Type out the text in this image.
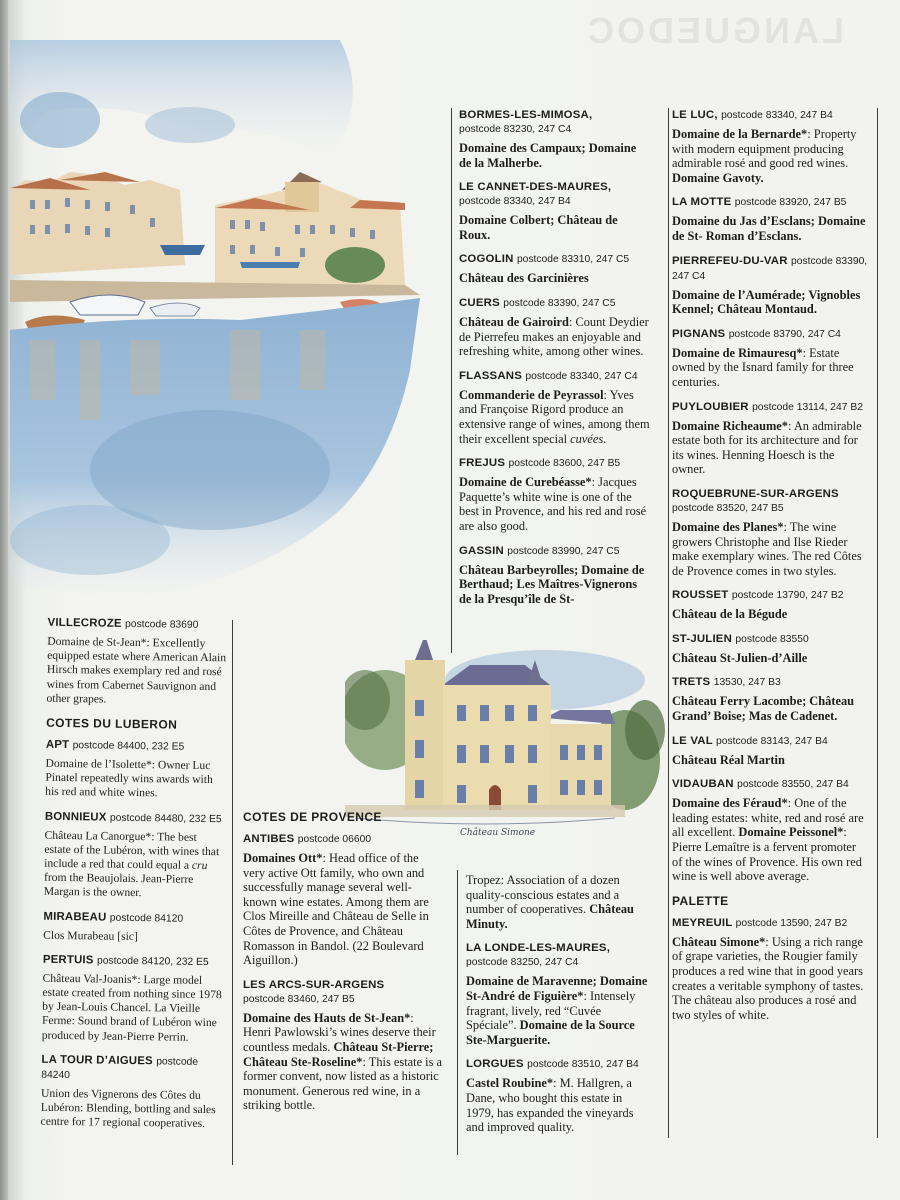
LANGUEDOC
Château Simone
VILLECROZE postcode 83690
Domaine de St-Jean*: Excellently equipped estate where American Alain Hirsch makes exemplary red and rosé wines from Cabernet Sauvignon and other grapes.
COTES DU LUBERON
APT postcode 84400, 232 E5
Domaine de l’Isolette*: Owner Luc Pinatel repeatedly wins awards with his red and white wines.
BONNIEUX postcode 84480, 232 E5
Château La Canorgue*: The best estate of the Lubéron, with wines that include a red that could equal a cru from the Beaujolais. Jean-Pierre Margan is the owner.
MIRABEAU postcode 84120
Clos Murabeau [sic]
PERTUIS postcode 84120, 232 E5
Château Val-Joanis*: Large model estate created from nothing since 1978 by Jean-Louis Chancel. La Vieille Ferme: Sound brand of Lubéron wine produced by Jean-Pierre Perrin.
LA TOUR D’AIGUES postcode 84240
Union des Vignerons des Côtes du Lubéron: Blending, bottling and sales centre for 17 regional cooperatives.
COTES DE PROVENCE
ANTIBES postcode 06600
Domaines Ott*: Head office of the very active Ott family, who own and successfully manage several well-known wine estates. Among them are Clos Mireille and Château de Selle in Côtes de Provence, and Château Romasson in Bandol. (22 Boulevard Aiguillon.)
LES ARCS-SUR-ARGENS
postcode 83460, 247 B5
Domaine des Hauts de St-Jean*: Henri Pawlowski’s wines deserve their countless medals. Château St-Pierre; Château Ste-Roseline*: This estate is a former convent, now listed as a historic monument. Generous red wine, in a striking bottle.
BORMES-LES-MIMOSA,
postcode 83230, 247 C4
Domaine des Campaux; Domaine de la Malherbe.
LE CANNET-DES-MAURES,
postcode 83340, 247 B4
Domaine Colbert; Château de Roux.
COGOLIN postcode 83310, 247 C5
Château des Garcinières
CUERS postcode 83390, 247 C5
Château de Gairoird: Count Deydier de Pierrefeu makes an enjoyable and refreshing white, among other wines.
FLASSANS postcode 83340, 247 C4
Commanderie de Peyrassol: Yves and Françoise Rigord produce an extensive range of wines, among them their excellent special cuvées.
FREJUS postcode 83600, 247 B5
Domaine de Curebéasse*: Jacques Paquette’s white wine is one of the best in Provence, and his red and rosé are also good.
GASSIN postcode 83990, 247 C5
Château Barbeyrolles; Domaine de Berthaud; Les Maîtres-Vignerons de la Presqu’île de St-
Tropez: Association of a dozen quality-conscious estates and a number of cooperatives. Château Minuty.
LA LONDE-LES-MAURES,
postcode 83250, 247 C4
Domaine de Maravenne; Domaine St-André de Figuière*: Intensely fragrant, lively, red “Cuvée Spéciale”. Domaine de la Source Ste-Marguerite.
LORGUES postcode 83510, 247 B4
Castel Roubine*: M. Hallgren, a Dane, who bought this estate in 1979, has expanded the vineyards and improved quality.
LE LUC, postcode 83340, 247 B4
Domaine de la Bernarde*: Property with modern equipment producing admirable rosé and good red wines. Domaine Gavoty.
LA MOTTE postcode 83920, 247 B5
Domaine du Jas d’Esclans; Domaine de St- Roman d’Esclans.
PIERREFEU-DU-VAR postcode 83390, 247 C4
Domaine de l’Aumérade; Vignobles Kennel; Château Montaud.
PIGNANS postcode 83790, 247 C4
Domaine de Rimauresq*: Estate owned by the Isnard family for three centuries.
PUYLOUBIER postcode 13114, 247 B2
Domaine Richeaume*: An admirable estate both for its architecture and for its wines. Henning Hoesch is the owner.
ROQUEBRUNE-SUR-ARGENS
postcode 83520, 247 B5
Domaine des Planes*: The wine growers Christophe and Ilse Rieder make exemplary wines. The red Côtes de Provence comes in two styles.
ROUSSET postcode 13790, 247 B2
Château de la Bégude
ST-JULIEN postcode 83550
Château St-Julien-d’Aille
TRETS 13530, 247 B3
Château Ferry Lacombe; Château Grand’ Boise; Mas de Cadenet.
LE VAL postcode 83143, 247 B4
Château Réal Martin
VIDAUBAN postcode 83550, 247 B4
Domaine des Féraud*: One of the leading estates: white, red and rosé are all excellent. Domaine Peissonel*: Pierre Lemaître is a fervent promoter of the wines of Provence. His own red wine is well above average.
PALETTE
MEYREUIL postcode 13590, 247 B2
Château Simone*: Using a rich range of grape varieties, the Rougier family produces a red wine that in good years creates a veritable symphony of tastes. The château also produces a rosé and two styles of white.
